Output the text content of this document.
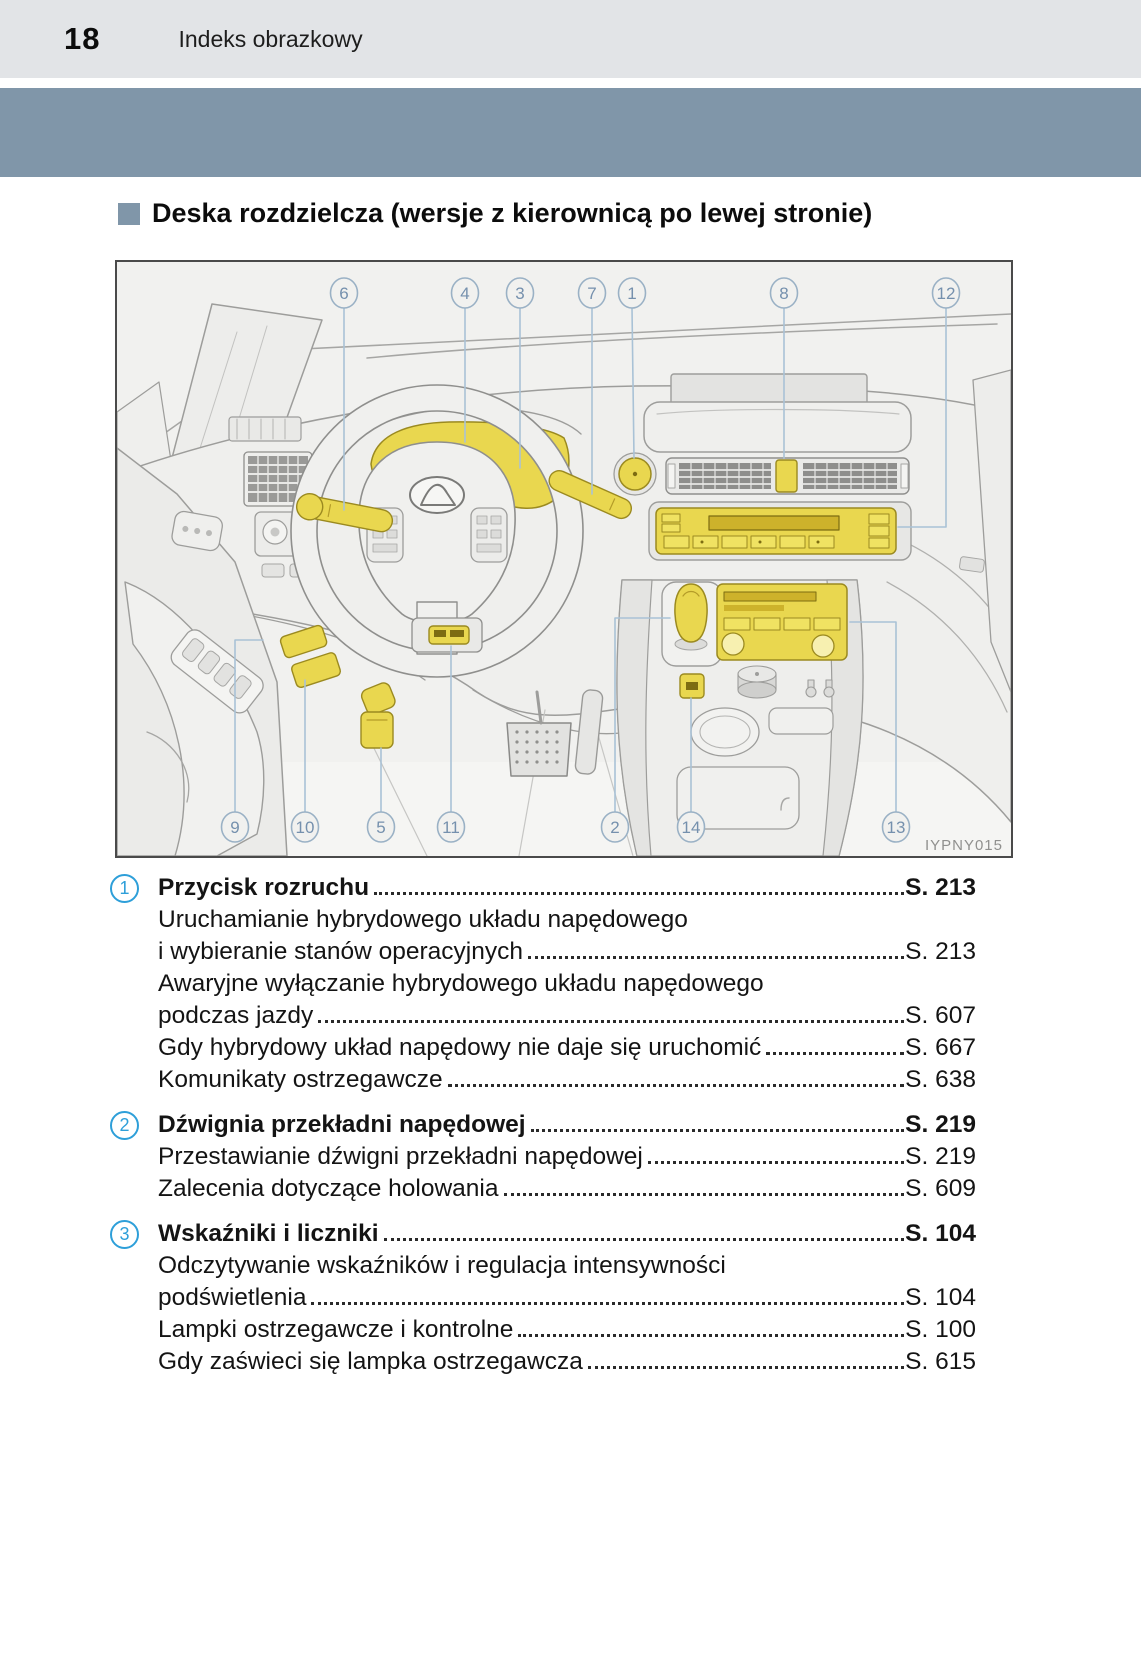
18	Indeks obrazkowy
Deska rozdzielcza (wersje z kierownicą po lewej stronie)
6	4	3	7 1	8	12
9	10	5	11	2	14	13
IYPNY015
1	Przycisk rozruchu	S. 213
Uruchamianie hybrydowego układu napędowego
i wybieranie stanów operacyjnych	S. 213
Awaryjne wyłączanie hybrydowego układu napędowego
podczas jazdy	S. 607
Gdy hybrydowy układ napędowy nie daje się uruchomić	S. 667
Komunikaty ostrzegawcze	S. 638
2	Dźwignia przekładni napędowej	S. 219
Przestawianie dźwigni przekładni napędowej	S. 219
Zalecenia dotyczące holowania	S. 609
3	Wskaźniki i liczniki	S. 104
Odczytywanie wskaźników i regulacja intensywności
podświetlenia	S. 104
Lampki ostrzegawcze i kontrolne	S. 100
Gdy zaświeci się lampka ostrzegawcza	S. 615
